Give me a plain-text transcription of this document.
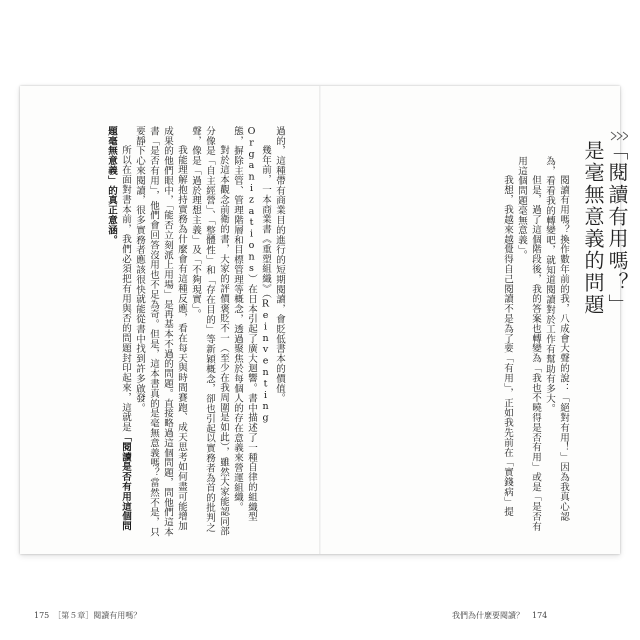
「閱讀有用嗎？」
是毫無意義的問題

閱讀有用嗎？換作數年前的我，八成會大聲的說：「絕對有用！」因為我真心認為，看看我的轉變吧，就知道閱讀對於工作有幫助有多大。

但是，過了這個階段後，我的答案也轉變為「我也不曉得是否有用」或是「是否有用這個問題毫無意義」。

我想，我越來越覺得自己閱讀不是為了要「有用」，正如我先前在「實錢病」提

過的，這種帶有商業目的進行的短期閱讀，會貶低書本的價值。

幾年前，一本商業書《重塑組織》（Reinventing Organizations）在日本引起了廣大迴響。書中描述了一種自律的組織型態，摒除主管、管理階層和目標管理等概念，透過聚焦於每個人的存在意義來營運組織。

對於這本觀念前衛的書，大家的評價褒貶不一（至少在我周圍是如此），雖然大家能認同部分像是「自主經營」、「整體性」和「存在目的」等新穎概念，卻也引起以實務者為首的批判之聲，像是「過於理想主義」及「不夠現實」。

我能理解抱持實務為什麼會有這種反應，看在每天與時間賽跑、成天思考如何盡可能增加成果的他們眼中，「能否立刻派上用場」是再基本不過的問題。直接略過這個問題，問他們這本書「是否有用」，他們會回答沒用也不足為奇。但是，這本書真的是毫無意義嗎？當然不是，只要靜下心來閱讀，很多實務者應該很快就能從書中找到許多啟發。

所以在面對書本前，我們必須把有用與否的問題封印起來，這就是「閱讀是否有用這個問題毫無意義」的真正意涵。

175　［第５章］閱讀有用嗎？	我們為什麼要閱讀？　174
